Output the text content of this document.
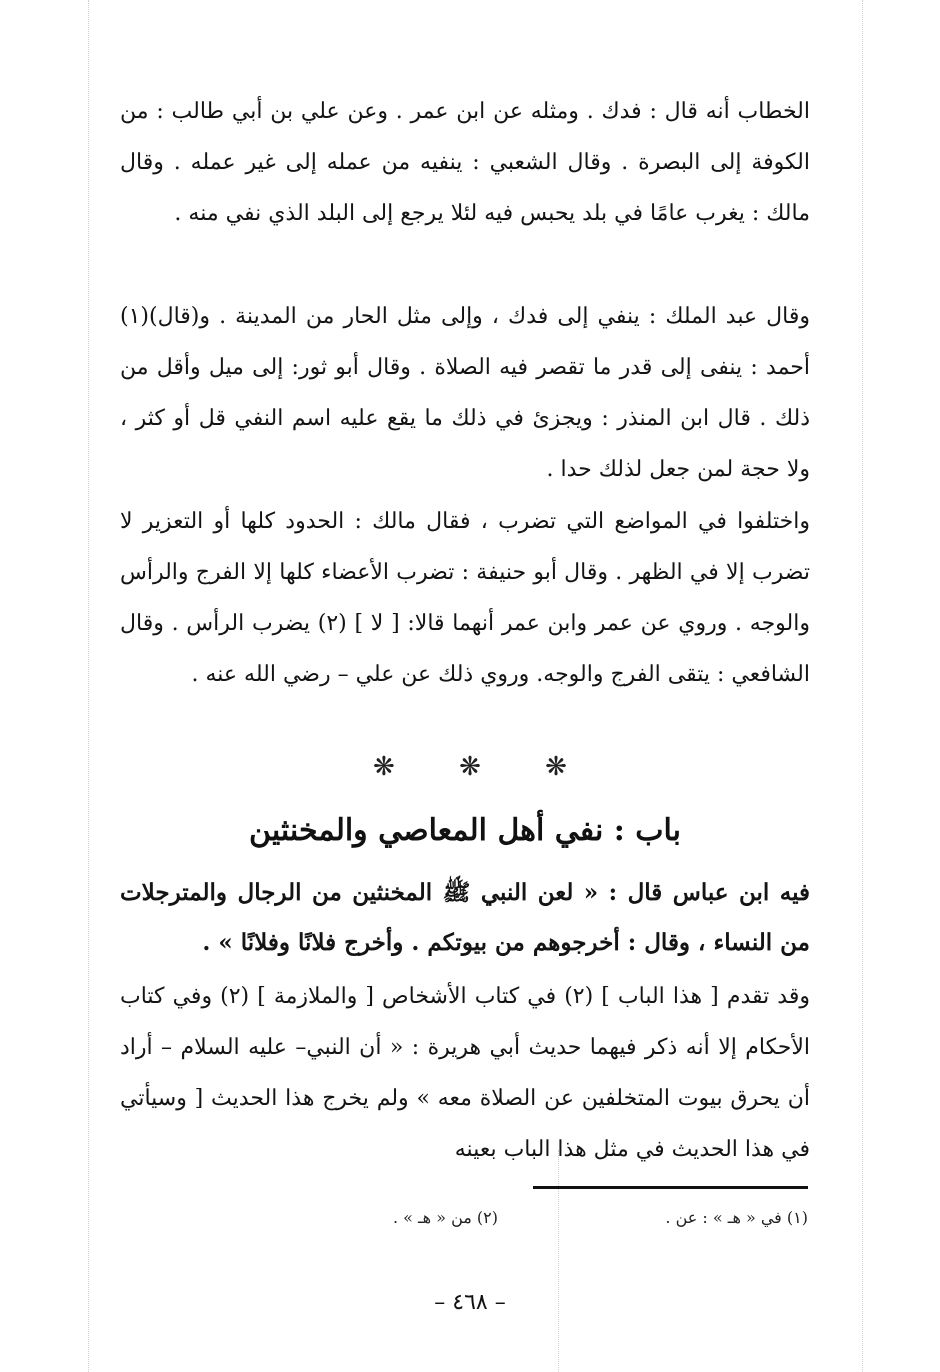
الخطاب أنه قال : فدك . ومثله عن ابن عمر . وعن علي بن أبي طالب : من الكوفة إلى البصرة . وقال الشعبي : ينفيه من عمله إلى غير عمله . وقال مالك : يغرب عامًا في بلد يحبس فيه لئلا يرجع إلى البلد الذي نفي منه .
وقال عبد الملك : ينفي إلى فدك ، وإلى مثل الحار من المدينة . و(قال)(١) أحمد : ينفى إلى قدر ما تقصر فيه الصلاة . وقال أبو ثور: إلى ميل وأقل من ذلك . قال ابن المنذر : ويجزئ في ذلك ما يقع عليه اسم النفي قل أو كثر ، ولا حجة لمن جعل لذلك حدا .
واختلفوا في المواضع التي تضرب ، فقال مالك : الحدود كلها أو التعزير لا تضرب إلا في الظهر . وقال أبو حنيفة : تضرب الأعضاء كلها إلا الفرج والرأس والوجه . وروي عن عمر وابن عمر أنهما قالا: [ لا ] (٢) يضرب الرأس . وقال الشافعي : يتقى الفرج والوجه. وروي ذلك عن علي – رضي الله عنه .
❋ ❋ ❋
باب : نفي أهل المعاصي والمخنثين
فيه ابن عباس قال : « لعن النبي ﷺ المخنثين من الرجال والمترجلات من النساء ، وقال : أخرجوهم من بيوتكم . وأخرج فلانًا وفلانًا » .
وقد تقدم [ هذا الباب ] (٢) في كتاب الأشخاص [ والملازمة ] (٢) وفي كتاب الأحكام إلا أنه ذكر فيهما حديث أبي هريرة : « أن النبي– عليه السلام – أراد أن يحرق بيوت المتخلفين عن الصلاة معه » ولم يخرج هذا الحديث [ وسيأتي في هذا الحديث في مثل هذا الباب بعينه
(١) في « هـ » : عن .
(٢) من « هـ » .
– ٤٦٨ –
